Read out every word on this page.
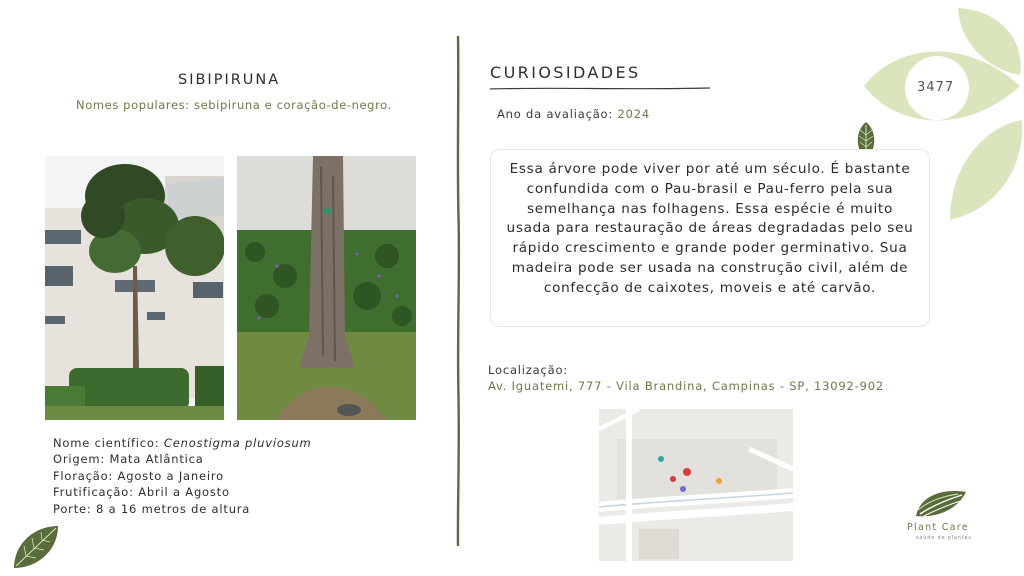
3477
SIBIPIRUNA
Nomes populares: sebipiruna e coração-de-negro.
Nome científico: Cenostigma pluviosum
Origem: Mata Atlântica
Floração: Agosto a Janeiro
Frutificação: Abril a Agosto
Porte: 8 a 16 metros de altura
CURIOSIDADES
Ano da avaliação: 2024

Essa árvore pode viver por até um século. É bastante confundida com o Pau-brasil e Pau-ferro pela sua semelhança nas folhagens. Essa espécie é muito usada para restauração de áreas degradadas pelo seu rápido crescimento e grande poder germinativo. Sua madeira pode ser usada na construção civil, além de confecção de caixotes, moveis e até carvão.

Localização:
Av. Iguatemi, 777 - Vila Brandina, Campinas - SP, 13092-902
Plant Care
saúde de plantas
